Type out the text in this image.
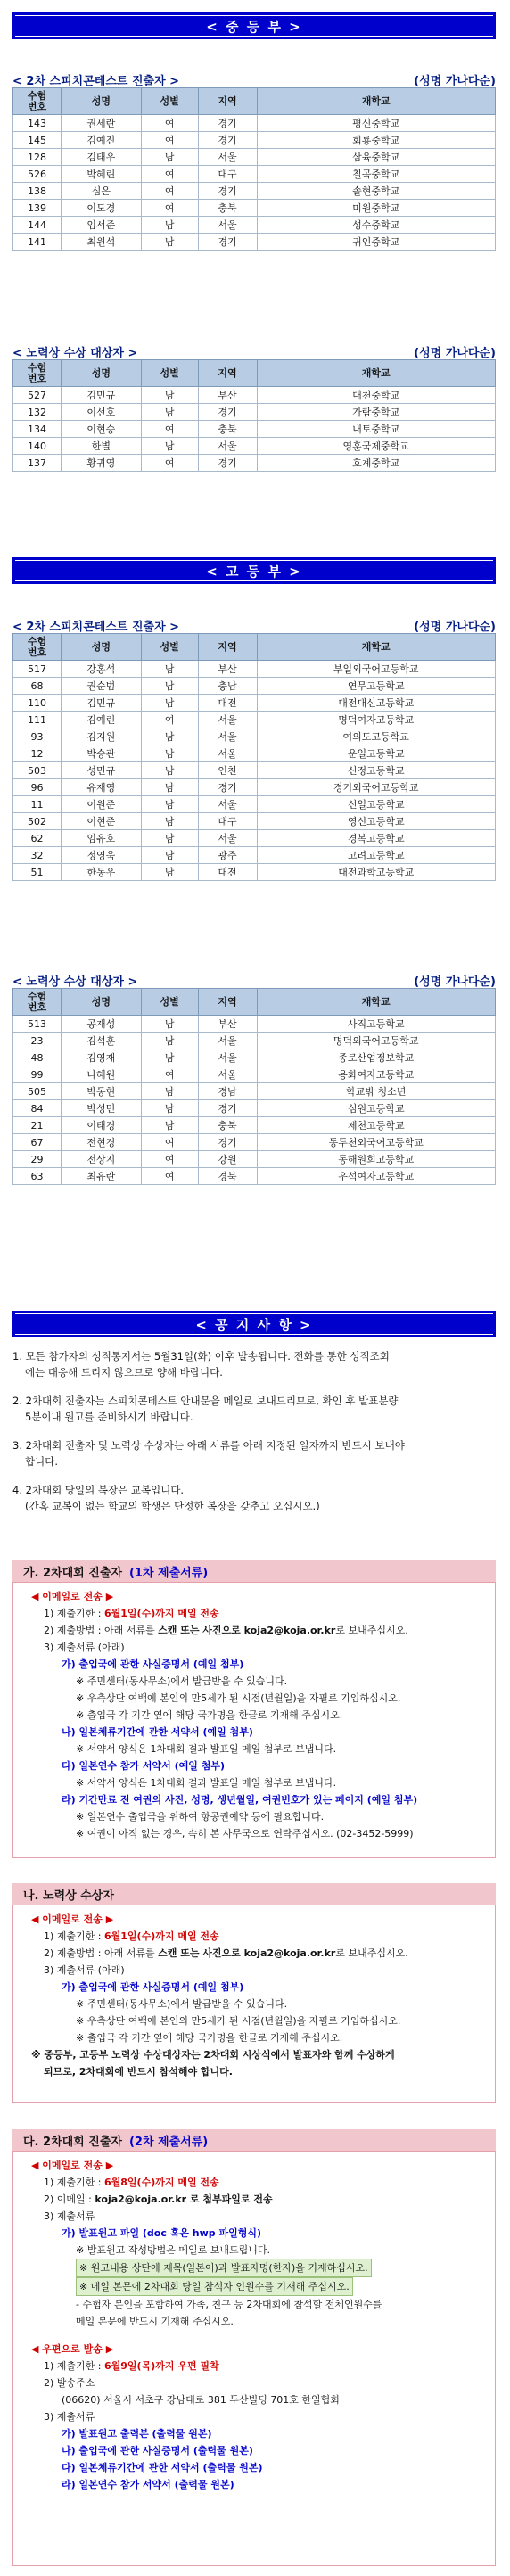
< 중 등 부 >
< 2차 스피치콘테스트 진출자 >	(성명 가나다순)
수험
번호	성명	성별	지역	재학교
143	권세란	여	경기	평신중학교
145	김예진	여	경기	회룡중학교
128	김태우	남	서울	삼육중학교
526	박혜린	여	대구	칠곡중학교
138	심은	여	경기	솔현중학교
139	이도경	여	충북	미원중학교
144	임서준	남	서울	성수중학교
141	최원석	남	경기	귀인중학교
< 노력상 수상 대상자 >	(성명 가나다순)
수험
번호	성명	성별	지역	재학교
527	김민규	남	부산	대천중학교
132	이선호	남	경기	가람중학교
134	이현승	여	충북	내토중학교
140	한별	남	서울	영훈국제중학교
137	황귀영	여	경기	호계중학교
< 고 등 부 >
< 2차 스피치콘테스트 진출자 >	(성명 가나다순)
수험
번호	성명	성별	지역	재학교
517	강홍석	남	부산	부일외국어고등학교
68	권순범	남	충남	연무고등학교
110	김민규	남	대전	대전대신고등학교
111	김예린	여	서울	명덕여자고등학교
93	김지원	남	서울	여의도고등학교
12	박승관	남	서울	운일고등학교
503	성민규	남	인천	신정고등학교
96	유재영	남	경기	경기외국어고등학교
11	이원준	남	서울	신일고등학교
502	이현준	남	대구	영신고등학교
62	임유호	남	서울	경복고등학교
32	정영욱	남	광주	고려고등학교
51	한동우	남	대전	대전과학고등학교
< 노력상 수상 대상자 >	(성명 가나다순)
수험
번호	성명	성별	지역	재학교
513	공재성	남	부산	사직고등학교
23	김석훈	남	서울	명덕외국어고등학교
48	김영재	남	서울	종로산업정보학교
99	나혜원	여	서울	용화여자고등학교
505	박동현	남	경남	학교밖 청소년
84	박성민	남	경기	심원고등학교
21	이태경	남	충북	제천고등학교
67	전현경	여	경기	동두천외국어고등학교
29	전상지	여	강원	동해원희고등학교
63	최유란	여	경북	우석여자고등학교
< 공 지 사 항 >
1. 모든 참가자의 성적통지서는 5월31일(화) 이후 발송됩니다. 전화를 통한 성적조회
에는 대응해 드리지 않으므로 양해 바랍니다.
2. 2차대회 진출자는 스피치콘테스트 안내문을 메일로 보내드리므로, 확인 후 발표분량
5분이내 원고를 준비하시기 바랍니다.
3. 2차대회 진출자 및 노력상 수상자는 아래 서류를 아래 지정된 일자까지 반드시 보내야
합니다.
4. 2차대회 당일의 복장은 교복입니다.
(간혹 교복이 없는 학교의 학생은 단정한 복장을 갖추고 오십시오.)
가. 2차대회 진출자 (1차 제출서류)
◀ 이메일로 전송 ▶
1) 제출기한 : 6월1일(수)까지 메일 전송
2) 제출방법 : 아래 서류를 스캔 또는 사진으로 koja2@koja.or.kr로 보내주십시오.
3) 제출서류 (아래)
가) 출입국에 관한 사실증명서 (예일 첨부)
※ 주민센터(동사무소)에서 발급받을 수 있습니다.
※ 우측상단 여백에 본인의 만5세가 된 시점(년월일)을 자필로 기입하십시오.
※ 출입국 각 기간 옆에 해당 국가명을 한글로 기재해 주십시오.
나) 일본체류기간에 관한 서약서 (예일 첨부)
※ 서약서 양식은 1차대회 결과 발표일 메일 첨부로 보냅니다.
다) 일본연수 참가 서약서 (예일 첨부)
※ 서약서 양식은 1차대회 결과 발표일 메일 첨부로 보냅니다.
라) 기간만료 전 여권의 사진, 성명, 생년월일, 여권번호가 있는 페이지 (예일 첨부)
※ 일본연수 출입국을 위하여 항공권예약 등에 필요합니다.
※ 여권이 아직 없는 경우, 속히 본 사무국으로 연락주십시오. (02-3452-5999)
나. 노력상 수상자
◀ 이메일로 전송 ▶
1) 제출기한 : 6월1일(수)까지 메일 전송
2) 제출방법 : 아래 서류를 스캔 또는 사진으로 koja2@koja.or.kr로 보내주십시오.
3) 제출서류 (아래)
가) 출입국에 관한 사실증명서 (예일 첨부)
※ 주민센터(동사무소)에서 발급받을 수 있습니다.
※ 우측상단 여백에 본인의 만5세가 된 시점(년월일)을 자필로 기입하십시오.
※ 출입국 각 기간 옆에 해당 국가명을 한글로 기재해 주십시오.
※ 중등부, 고등부 노력상 수상대상자는 2차대회 시상식에서 발표자와 함께 수상하게
되므로, 2차대회에 반드시 참석해야 합니다.
다. 2차대회 진출자 (2차 제출서류)
◀ 이메일로 전송 ▶
1) 제출기한 : 6월8일(수)까지 메일 전송
2) 이메일 : koja2@koja.or.kr 로 첨부파일로 전송
3) 제출서류
가) 발표원고 파일 (doc 혹은 hwp 파일형식)
※ 발표원고 작성방법은 메일로 보내드립니다.
※ 원고내용 상단에 제목(일본어)과 발표자명(한자)을 기재하십시오.
※ 메일 본문에 2차대회 당일 참석자 인원수를 기재해 주십시오.
- 수험자 본인을 포함하여 가족, 친구 등 2차대회에 참석할 전체인원수를
메일 본문에 반드시 기재해 주십시오.
◀ 우편으로 발송 ▶
1) 제출기한 : 6월9일(목)까지 우편 필착
2) 발송주소
(06620) 서울시 서초구 강남대로 381 두산빌딩 701호 한일협회
3) 제출서류
가) 발표원고 출력본 (출력물 원본)
나) 출입국에 관한 사실증명서 (출력물 원본)
다) 일본체류기간에 관한 서약서 (출력물 원본)
라) 일본연수 참가 서약서 (출력물 원본)
